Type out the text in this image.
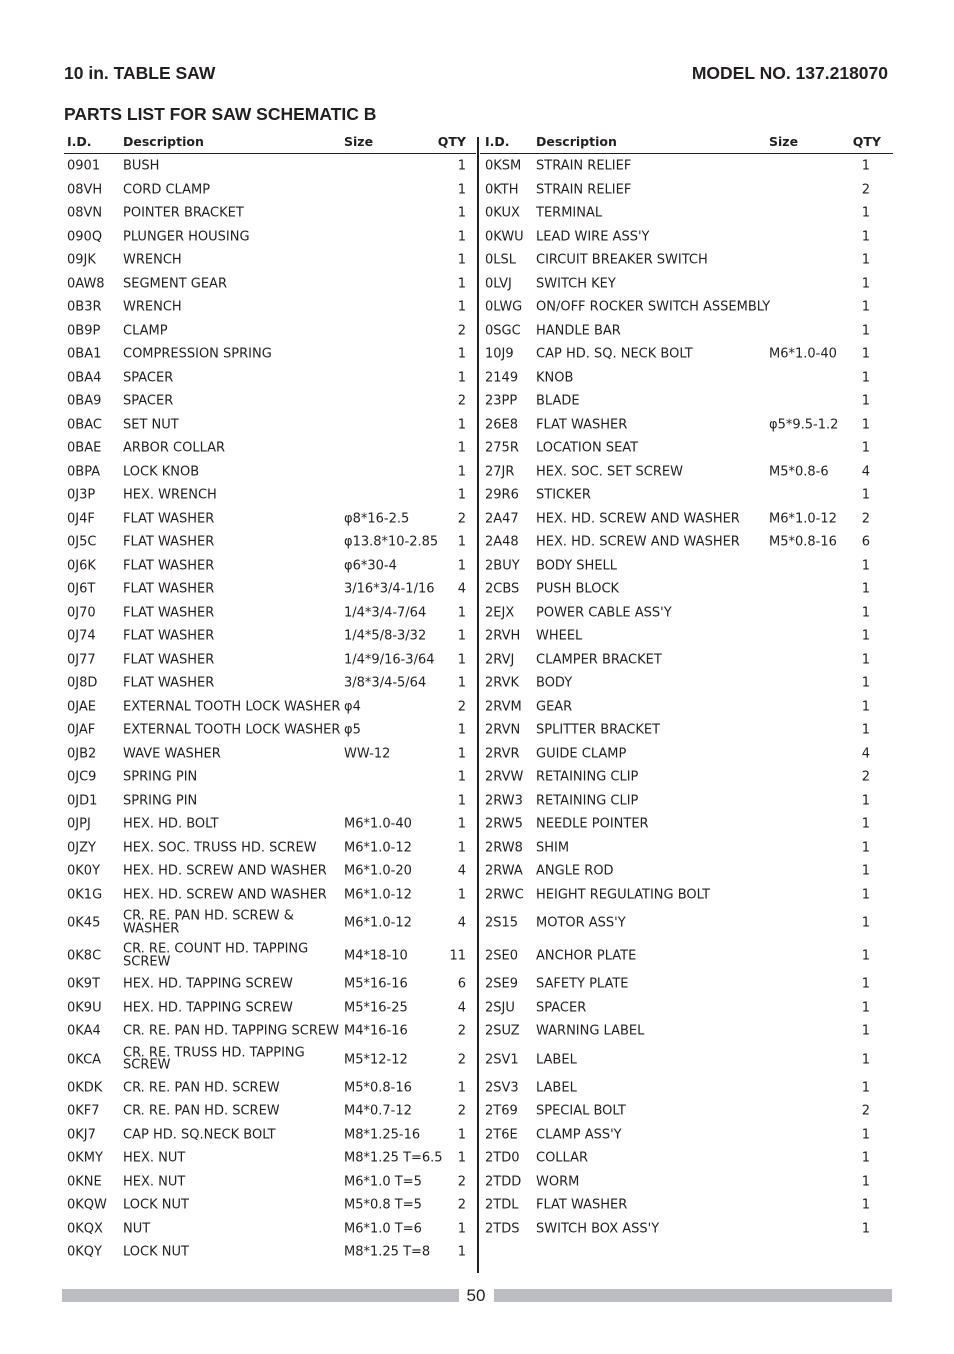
10 in. TABLE SAW	MODEL NO. 137.218070
PARTS LIST FOR SAW SCHEMATIC B
I.D.	Description	Size	QTY
0901 BUSH	1
08VH CORD CLAMP	1
08VN POINTER BRACKET	1
090Q PLUNGER HOUSING	1
09JK WRENCH	1
0AW8 SEGMENT GEAR	1
0B3R WRENCH	1
0B9P CLAMP	2
0BA1 COMPRESSION SPRING	1
0BA4 SPACER	1
0BA9 SPACER	2
0BAC SET NUT	1
0BAE ARBOR COLLAR	1
0BPA LOCK KNOB	1
0J3P HEX. WRENCH	1
0J4F FLAT WASHER	φ8*16-2.5	2
0J5C FLAT WASHER	φ13.8*10-2.85 1
0J6K FLAT WASHER	φ6*30-4	1
0J6T FLAT WASHER	3/16*3/4-1/16 4
0J70 FLAT WASHER	1/4*3/4-7/64 1
0J74 FLAT WASHER	1/4*5/8-3/32 1
0J77 FLAT WASHER	1/4*9/16-3/64 1
0J8D FLAT WASHER	3/8*3/4-5/64 1
0JAE EXTERNAL TOOTH LOCK WASHER φ4	2
0JAF EXTERNAL TOOTH LOCK WASHER φ5	1
0JB2 WAVE WASHER	WW-12	1
0JC9 SPRING PIN	1
0JD1 SPRING PIN	1
0JPJ HEX. HD. BOLT	M6*1.0-40	1
0JZY HEX. SOC. TRUSS HD. SCREW M6*1.0-12	1
0K0Y HEX. HD. SCREW AND WASHER M6*1.0-20	4
0K1G HEX. HD. SCREW AND WASHER M6*1.0-12	1
0K45 CR. RE. PAN HD. SCREW & WASHER	M6*1.0-12	4
0K8C CR. RE. COUNT HD. TAPPING SCREW	M4*18-10	11
0K9T HEX. HD. TAPPING SCREW	M5*16-16	6
0K9U HEX. HD. TAPPING SCREW	M5*16-25	4
0KA4 CR. RE. PAN HD. TAPPING SCREW M4*16-16	2
0KCA CR. RE. TRUSS HD. TAPPING SCREW	M5*12-12	2
0KDK CR. RE. PAN HD. SCREW	M5*0.8-16	1
0KF7 CR. RE. PAN HD. SCREW	M4*0.7-12	2
0KJ7 CAP HD. SQ.NECK BOLT	M8*1.25-16	1
0KMY HEX. NUT	M8*1.25 T=6.5 1
0KNE HEX. NUT	M6*1.0 T=5	2
0KQW LOCK NUT	M5*0.8 T=5	2
0KQX NUT	M6*1.0 T=6	1
0KQY LOCK NUT	M8*1.25 T=8 1
I.D. Description	Size	QTY
0KSM STRAIN RELIEF	1
0KTH STRAIN RELIEF	2
0KUX TERMINAL	1
0KWU LEAD WIRE ASS'Y	1
0LSL CIRCUIT BREAKER SWITCH	1
0LVJ SWITCH KEY	1
0LWG ON/OFF ROCKER SWITCH ASSEMBLY	1
0SGC HANDLE BAR	1
10J9 CAP HD. SQ. NECK BOLT	M6*1.0-40 1
2149 KNOB	1
23PP BLADE	1
26E8 FLAT WASHER	φ5*9.5-1.2 1
275R LOCATION SEAT	1
27JR HEX. SOC. SET SCREW	M5*0.8-6	4
29R6 STICKER	1
2A47 HEX. HD. SCREW AND WASHER M6*1.0-12 2
2A48 HEX. HD. SCREW AND WASHER M5*0.8-16 6
2BUY BODY SHELL	1
2CBS PUSH BLOCK	1
2EJX POWER CABLE ASS'Y	1
2RVH WHEEL	1
2RVJ CLAMPER BRACKET	1
2RVK BODY	1
2RVM GEAR	1
2RVN SPLITTER BRACKET	1
2RVR GUIDE CLAMP	4
2RVW RETAINING CLIP	2
2RW3 RETAINING CLIP	1
2RW5 NEEDLE POINTER	1
2RW8 SHIM	1
2RWA ANGLE ROD	1
2RWC HEIGHT REGULATING BOLT	1
2S15 MOTOR ASS'Y	1
2SE0 ANCHOR PLATE	1
2SE9 SAFETY PLATE	1
2SJU SPACER	1
2SUZ WARNING LABEL	1
2SV1 LABEL	1
2SV3 LABEL	1
2T69 SPECIAL BOLT	2
2T6E CLAMP ASS'Y	1
2TD0 COLLAR	1
2TDD WORM	1
2TDL FLAT WASHER	1
2TDS SWITCH BOX ASS'Y	1
50
